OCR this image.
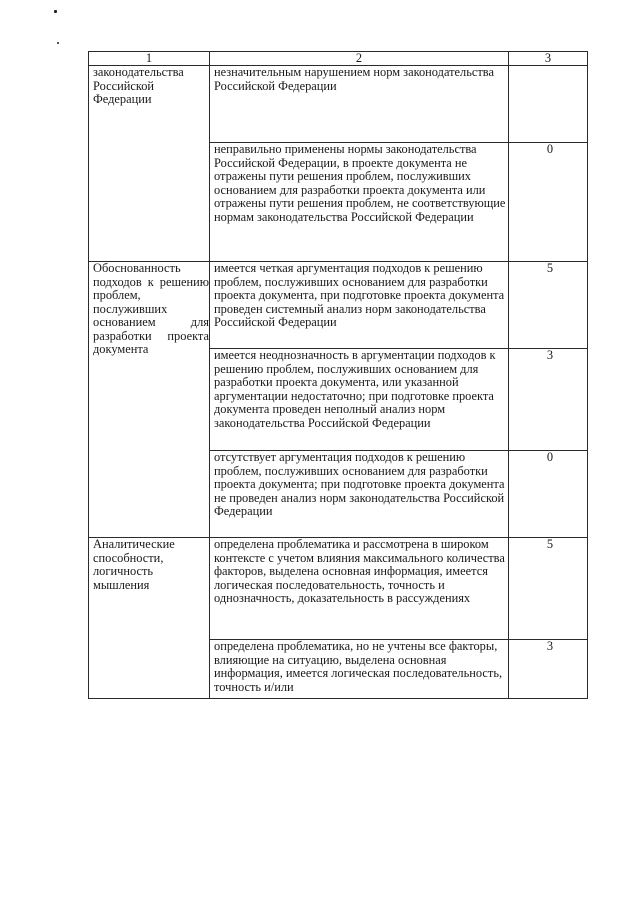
1	2	3

законодательства Российской Федерации	незначительным нарушением норм законодательства Российской Федерации	
	неправильно применены нормы законодательства Российской Федерации, в проекте документа не отражены пути решения проблем, послуживших основанием для разработки проекта документа или отражены пути решения проблем, не соответствующие нормам законодательства Российской Федерации	0

Обоснованность подходов к решению проблем, послуживших основанием для разработки проекта документа	имеется четкая аргументация подходов к решению проблем, послуживших основанием для разработки проекта документа, при подготовке проекта документа проведен системный анализ норм законодательства Российской Федерации	5
	имеется неоднозначность в аргументации подходов к решению проблем, послуживших основанием для разработки проекта документа, или указанной аргументации недостаточно; при подготовке проекта документа проведен неполный анализ норм законодательства Российской Федерации	3
	отсутствует аргументация подходов к решению проблем, послуживших основанием для разработки проекта документа; при подготовке проекта документа не проведен анализ норм законодательства Российской Федерации	0

Аналитические способности, логичность мышления	определена проблематика и рассмотрена в широком контексте с учетом влияния максимального количества факторов, выделена основная информация, имеется логическая последовательность, точность и однозначность, доказательность в рассуждениях	5
	определена проблематика, но не учтены все факторы, влияющие на ситуацию, выделена основная информация, имеется логическая последовательность, точность и/или	3
